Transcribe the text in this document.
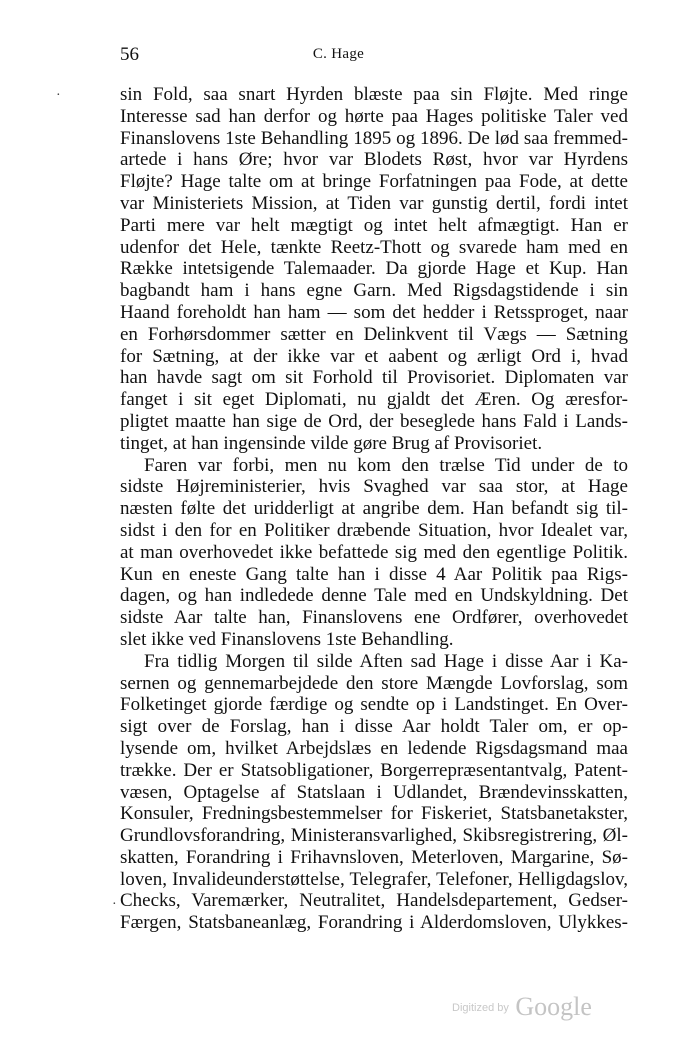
56	C. Hage
·
·
sin Fold, saa snart Hyrden blæste paa sin Fløjte. Med ringe
Interesse sad han derfor og hørte paa Hages politiske Taler ved
Finanslovens 1ste Behandling 1895 og 1896. De lød saa fremmed-
artede i hans Øre; hvor var Blodets Røst, hvor var Hyrdens
Fløjte? Hage talte om at bringe Forfatningen paa Fode, at dette
var Ministeriets Mission, at Tiden var gunstig dertil, fordi intet
Parti mere var helt mægtigt og intet helt afmægtigt. Han er
udenfor det Hele, tænkte Reetz-Thott og svarede ham med en
Række intetsigende Talemaader. Da gjorde Hage et Kup. Han
bagbandt ham i hans egne Garn. Med Rigsdagstidende i sin
Haand foreholdt han ham — som det hedder i Retssproget, naar
en Forhørsdommer sætter en Delinkvent til Vægs — Sætning
for Sætning, at der ikke var et aabent og ærligt Ord i, hvad
han havde sagt om sit Forhold til Provisoriet. Diplomaten var
fanget i sit eget Diplomati, nu gjaldt det Æren. Og æresfor-
pligtet maatte han sige de Ord, der beseglede hans Fald i Lands-
tinget, at han ingensinde vilde gøre Brug af Provisoriet.
Faren var forbi, men nu kom den trælse Tid under de to
sidste Højreministerier, hvis Svaghed var saa stor, at Hage
næsten følte det uridderligt at angribe dem. Han befandt sig til-
sidst i den for en Politiker dræbende Situation, hvor Idealet var,
at man overhovedet ikke befattede sig med den egentlige Politik.
Kun en eneste Gang talte han i disse 4 Aar Politik paa Rigs-
dagen, og han indledede denne Tale med en Undskyldning. Det
sidste Aar talte han, Finanslovens ene Ordfører, overhovedet
slet ikke ved Finanslovens 1ste Behandling.
Fra tidlig Morgen til silde Aften sad Hage i disse Aar i Ka-
sernen og gennemarbejdede den store Mængde Lovforslag, som
Folketinget gjorde færdige og sendte op i Landstinget. En Over-
sigt over de Forslag, han i disse Aar holdt Taler om, er op-
lysende om, hvilket Arbejdslæs en ledende Rigsdagsmand maa
trække. Der er Statsobligationer, Borgerrepræsentantvalg, Patent-
væsen, Optagelse af Statslaan i Udlandet, Brændevinsskatten,
Konsuler, Fredningsbestemmelser for Fiskeriet, Statsbanetakster,
Grundlovsforandring, Ministeransvarlighed, Skibsregistrering, Øl-
skatten, Forandring i Frihavnsloven, Meterloven, Margarine, Sø-
loven, Invalideunderstøttelse, Telegrafer, Telefoner, Helligdagslov,
Checks, Varemærker, Neutralitet, Handelsdepartement, Gedser-
Færgen, Statsbaneanlæg, Forandring i Alderdomsloven, Ulykkes-
$^{Digitized by}$ Google
